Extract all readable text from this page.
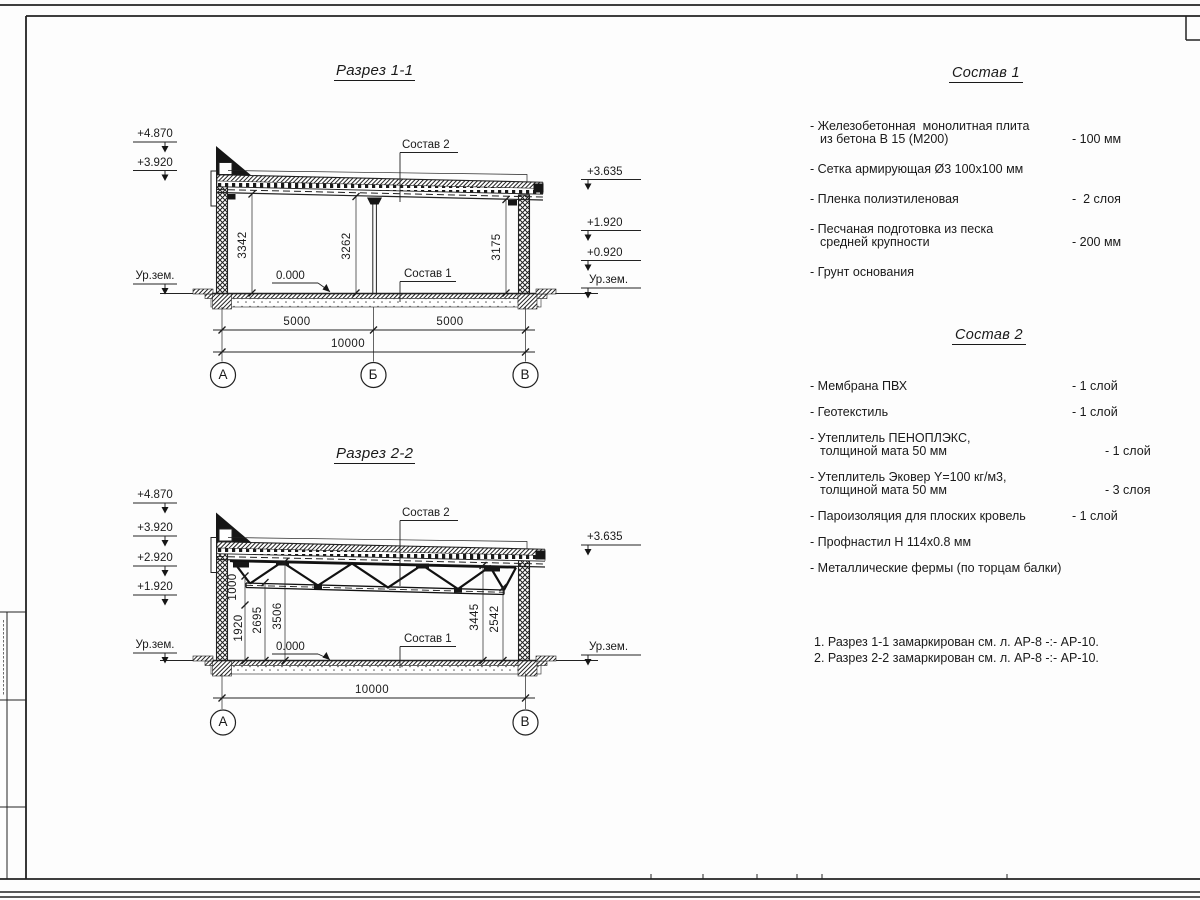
Разрез 1-1
+4.870
+3.920
Ур.зем.
+3.635
+1.920
+0.920
Ур.зем.
3342	3262	3175
Состав 2
Состав 1
0.000
5000	5000
10000
А	Б	В
Разрез 2-2
+4.870
+3.920
+2.920
+1.920
Ур.зем.
+3.635
Ур.зем.
1000
1920 2695 3506	3445 2542
Состав 2
Состав 1
0.000
10000
А	В
Состав 1
- Железобетонная  монолитная плита
из бетона В 15 (М200)	- 100 мм
- Сетка армирующая Ø3 100х100 мм
- Пленка полиэтиленовая	-  2 слоя
- Песчаная подготовка из песка
средней крупности	- 200 мм
- Грунт основания
Состав 2
- Мембрана ПВХ	- 1 слой
- Геотекстиль	- 1 слой
- Утеплитель ПЕНОПЛЭКС,
толщиной мата 50 мм	- 1 слой
- Утеплитель Эковер Y=100 кг/м3,
толщиной мата 50 мм	- 3 слоя
- Пароизоляция для плоских кровель	- 1 слой
- Профнастил Н 114х0.8 мм
- Металлические фермы (по торцам балки)
1. Разрез 1-1 замаркирован см. л. АР-8 -:- АР-10.
2. Разрез 2-2 замаркирован см. л. АР-8 -:- АР-10.
